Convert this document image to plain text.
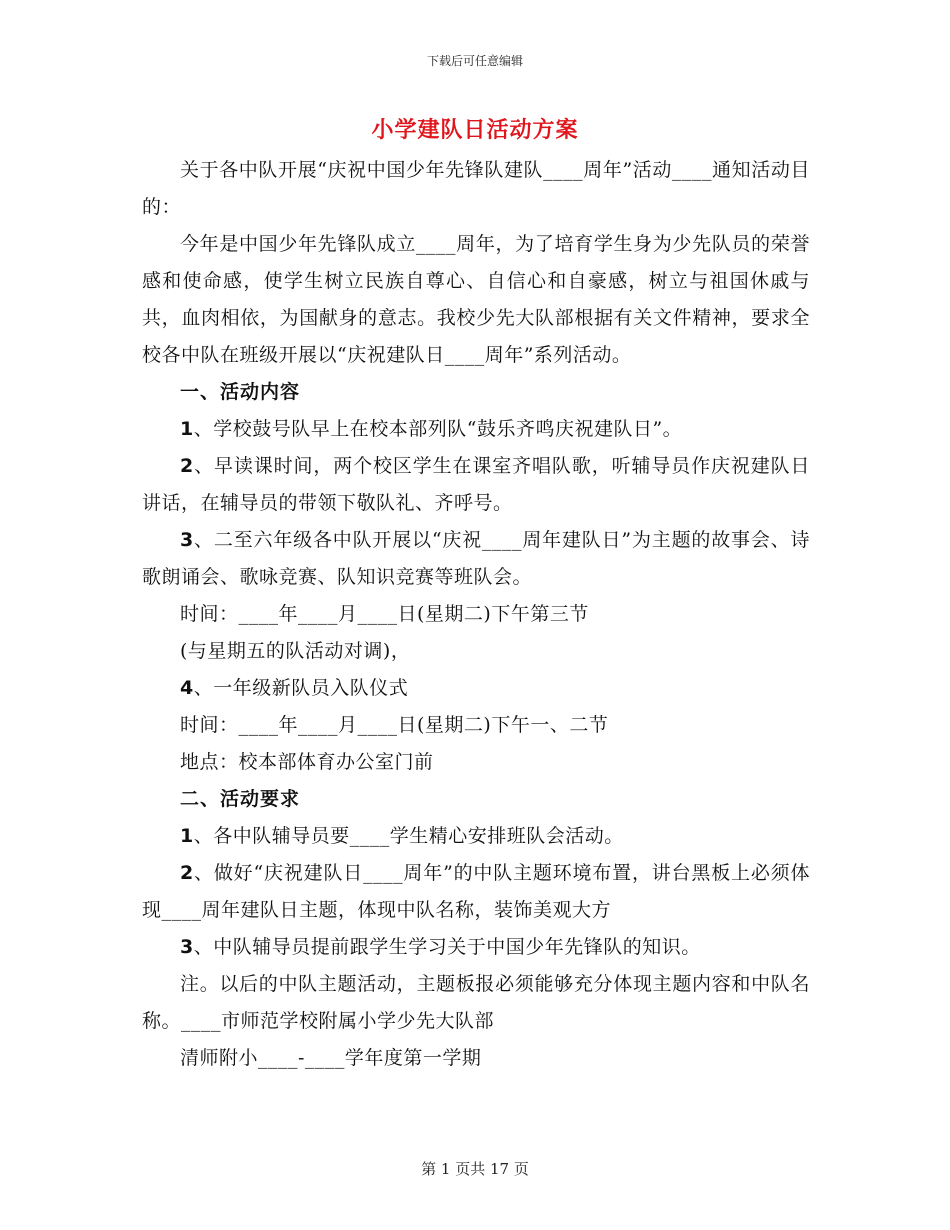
下载后可任意编辑
小学建队日活动方案

关于各中队开展“庆祝中国少年先锋队建队____周年”活动____通知活动目的：

今年是中国少年先锋队成立____周年，为了培育学生身为少先队员的荣誉感和使命感，使学生树立民族自尊心、自信心和自豪感，树立与祖国休戚与共，血肉相依，为国献身的意志。我校少先大队部根据有关文件精神，要求全校各中队在班级开展以“庆祝建队日____周年”系列活动。

一、活动内容

1、学校鼓号队早上在校本部列队“鼓乐齐鸣庆祝建队日”。

2、早读课时间，两个校区学生在课室齐唱队歌，听辅导员作庆祝建队日讲话，在辅导员的带领下敬队礼、齐呼号。

3、二至六年级各中队开展以“庆祝____周年建队日”为主题的故事会、诗歌朗诵会、歌咏竞赛、队知识竞赛等班队会。

时间：____年____月____日(星期二)下午第三节

(与星期五的队活动对调)，

4、一年级新队员入队仪式

时间：____年____月____日(星期二)下午一、二节

地点：校本部体育办公室门前

二、活动要求

1、各中队辅导员要____学生精心安排班队会活动。

2、做好“庆祝建队日____周年”的中队主题环境布置，讲台黑板上必须体现____周年建队日主题，体现中队名称，装饰美观大方

3、中队辅导员提前跟学生学习关于中国少年先锋队的知识。

注。以后的中队主题活动，主题板报必须能够充分体现主题内容和中队名称。____市师范学校附属小学少先大队部

清师附小____-____学年度第一学期

第 1 页共 17 页
